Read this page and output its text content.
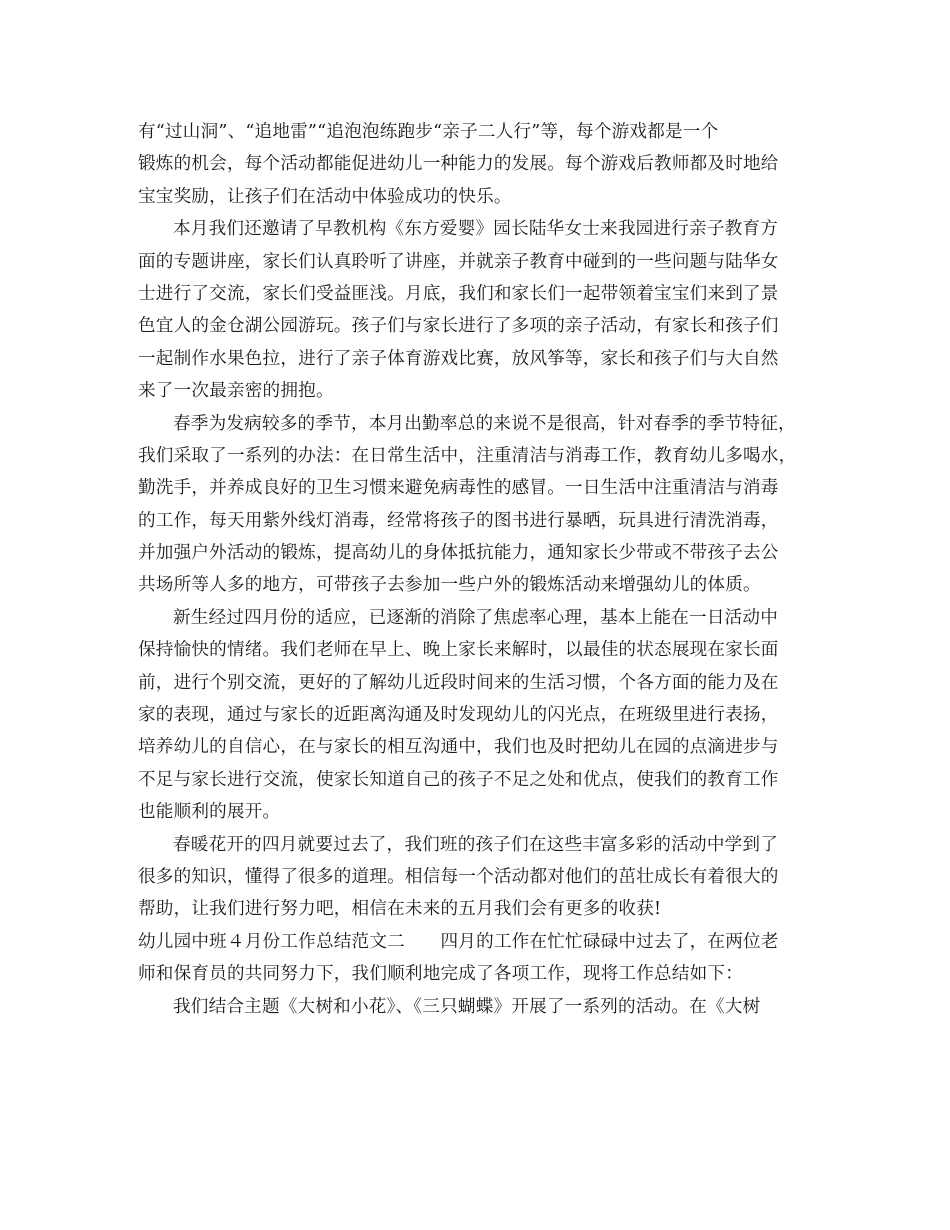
有“过山洞”、“追地雷”“追泡泡练跑步“亲子二人行”等，每个游戏都是一个
锻炼的机会，每个活动都能促进幼儿一种能力的发展。每个游戏后教师都及时地给
宝宝奖励，让孩子们在活动中体验成功的快乐。
本月我们还邀请了早教机构《东方爱婴》园长陆华女士来我园进行亲子教育方
面的专题讲座，家长们认真聆听了讲座，并就亲子教育中碰到的一些问题与陆华女
士进行了交流，家长们受益匪浅。月底，我们和家长们一起带领着宝宝们来到了景
色宜人的金仓湖公园游玩。孩子们与家长进行了多项的亲子活动，有家长和孩子们
一起制作水果色拉，进行了亲子体育游戏比赛，放风筝等，家长和孩子们与大自然
来了一次最亲密的拥抱。
春季为发病较多的季节，本月出勤率总的来说不是很高，针对春季的季节特征，
我们采取了一系列的办法：在日常生活中，注重清洁与消毒工作，教育幼儿多喝水，
勤洗手，并养成良好的卫生习惯来避免病毒性的感冒。一日生活中注重清洁与消毒
的工作，每天用紫外线灯消毒，经常将孩子的图书进行暴晒，玩具进行清洗消毒，
并加强户外活动的锻炼，提高幼儿的身体抵抗能力，通知家长少带或不带孩子去公
共场所等人多的地方，可带孩子去参加一些户外的锻炼活动来增强幼儿的体质。
新生经过四月份的适应，已逐渐的消除了焦虑率心理，基本上能在一日活动中
保持愉快的情绪。我们老师在早上、晚上家长来解时，以最佳的状态展现在家长面
前，进行个别交流，更好的了解幼儿近段时间来的生活习惯，个各方面的能力及在
家的表现，通过与家长的近距离沟通及时发现幼儿的闪光点，在班级里进行表扬，
培养幼儿的自信心，在与家长的相互沟通中，我们也及时把幼儿在园的点滴进步与
不足与家长进行交流，使家长知道自己的孩子不足之处和优点，使我们的教育工作
也能顺利的展开。
春暖花开的四月就要过去了，我们班的孩子们在这些丰富多彩的活动中学到了
很多的知识，懂得了很多的道理。相信每一个活动都对他们的茁壮成长有着很大的
帮助，让我们进行努力吧，相信在未来的五月我们会有更多的收获!
幼儿园中班４月份工作总结范文二　　四月的工作在忙忙碌碌中过去了，在两位老
师和保育员的共同努力下，我们顺利地完成了各项工作，现将工作总结如下：
我们结合主题《大树和小花》、《三只蝴蝶》开展了一系列的活动。在《大树
